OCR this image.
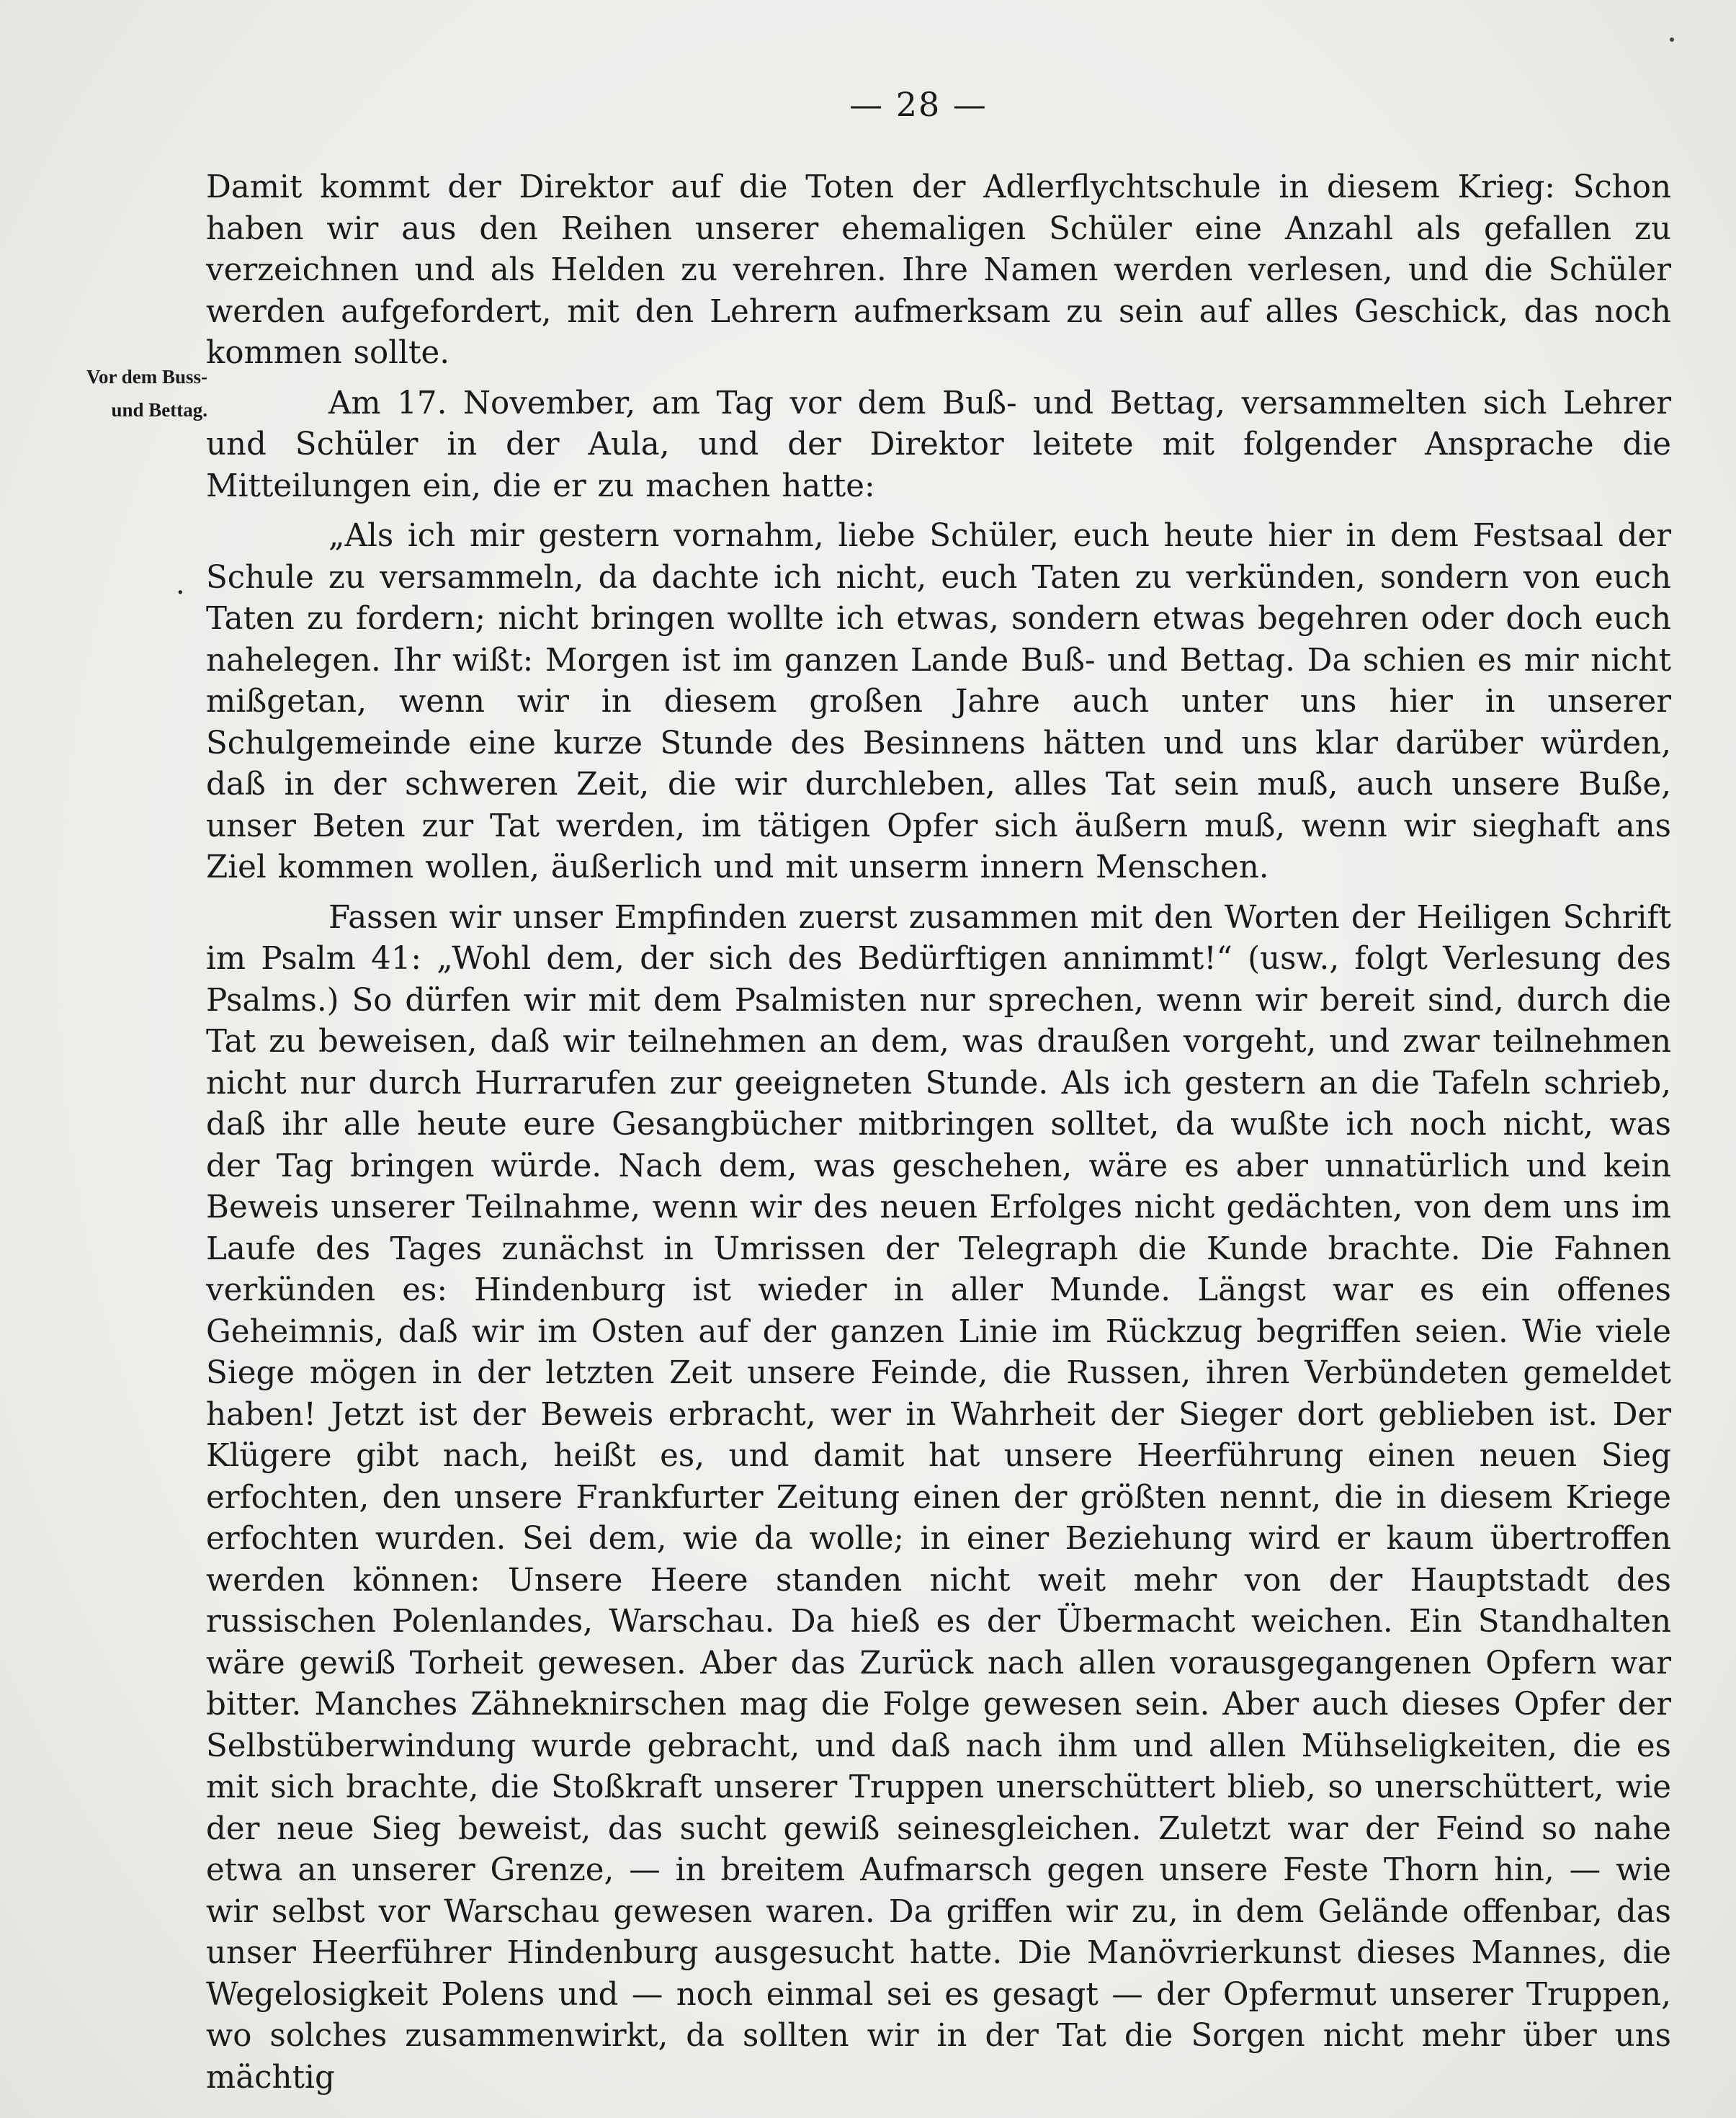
— 28 —
Vor dem Buss-
und Bettag.
·

Damit kommt der Direktor auf die Toten der Adlerflychtschule in diesem Krieg: Schon haben wir aus den Reihen unserer ehemaligen Schüler eine Anzahl als gefallen zu verzeichnen und als Helden zu verehren. Ihre Namen werden verlesen, und die Schüler werden aufgefordert, mit den Lehrern aufmerksam zu sein auf alles Geschick, das noch kommen sollte.

Am 17. November, am Tag vor dem Buß- und Bettag, versammelten sich Lehrer und Schüler in der Aula, und der Direktor leitete mit folgender Ansprache die Mitteilungen ein, die er zu machen hatte:

„Als ich mir gestern vornahm, liebe Schüler, euch heute hier in dem Festsaal der Schule zu versammeln, da dachte ich nicht, euch Taten zu verkünden, sondern von euch Taten zu fordern; nicht bringen wollte ich etwas, sondern etwas begehren oder doch euch nahelegen. Ihr wißt: Morgen ist im ganzen Lande Buß- und Bettag. Da schien es mir nicht mißgetan, wenn wir in diesem großen Jahre auch unter uns hier in unserer Schulgemeinde eine kurze Stunde des Besinnens hätten und uns klar darüber würden, daß in der schweren Zeit, die wir durchleben, alles Tat sein muß, auch unsere Buße, unser Beten zur Tat werden, im tätigen Opfer sich äußern muß, wenn wir sieghaft ans Ziel kommen wollen, äußerlich und mit unserm innern Menschen.

Fassen wir unser Empfinden zuerst zusammen mit den Worten der Heiligen Schrift im Psalm 41: „Wohl dem, der sich des Bedürftigen annimmt!“ (usw., folgt Verlesung des Psalms.) So dürfen wir mit dem Psalmisten nur sprechen, wenn wir bereit sind, durch die Tat zu beweisen, daß wir teilnehmen an dem, was draußen vorgeht, und zwar teilnehmen nicht nur durch Hurrarufen zur geeigneten Stunde. Als ich gestern an die Tafeln schrieb, daß ihr alle heute eure Gesangbücher mitbringen solltet, da wußte ich noch nicht, was der Tag bringen würde. Nach dem, was geschehen, wäre es aber unnatürlich und kein Beweis unserer Teilnahme, wenn wir des neuen Erfolges nicht gedächten, von dem uns im Laufe des Tages zunächst in Umrissen der Telegraph die Kunde brachte. Die Fahnen verkünden es: Hindenburg ist wieder in aller Munde. Längst war es ein offenes Geheimnis, daß wir im Osten auf der ganzen Linie im Rückzug begriffen seien. Wie viele Siege mögen in der letzten Zeit unsere Feinde, die Russen, ihren Verbündeten gemeldet haben! Jetzt ist der Beweis erbracht, wer in Wahrheit der Sieger dort geblieben ist. Der Klügere gibt nach, heißt es, und damit hat unsere Heerführung einen neuen Sieg erfochten, den unsere Frankfurter Zeitung einen der größten nennt, die in diesem Kriege erfochten wurden. Sei dem, wie da wolle; in einer Beziehung wird er kaum übertroffen werden können: Unsere Heere standen nicht weit mehr von der Hauptstadt des russischen Polenlandes, Warschau. Da hieß es der Übermacht weichen. Ein Standhalten wäre gewiß Torheit gewesen. Aber das Zurück nach allen vorausgegangenen Opfern war bitter. Manches Zähneknirschen mag die Folge gewesen sein. Aber auch dieses Opfer der Selbstüberwindung wurde gebracht, und daß nach ihm und allen Mühseligkeiten, die es mit sich brachte, die Stoßkraft unserer Truppen unerschüttert blieb, so unerschüttert, wie der neue Sieg beweist, das sucht gewiß seinesgleichen. Zuletzt war der Feind so nahe etwa an unserer Grenze, — in breitem Aufmarsch gegen unsere Feste Thorn hin, — wie wir selbst vor Warschau gewesen waren. Da griffen wir zu, in dem Gelände offenbar, das unser Heerführer Hindenburg ausgesucht hatte. Die Manövrierkunst dieses Mannes, die Wegelosigkeit Polens und — noch einmal sei es gesagt — der Opfermut unserer Truppen, wo solches zusammenwirkt, da sollten wir in der Tat die Sorgen nicht mehr über uns mächtig
